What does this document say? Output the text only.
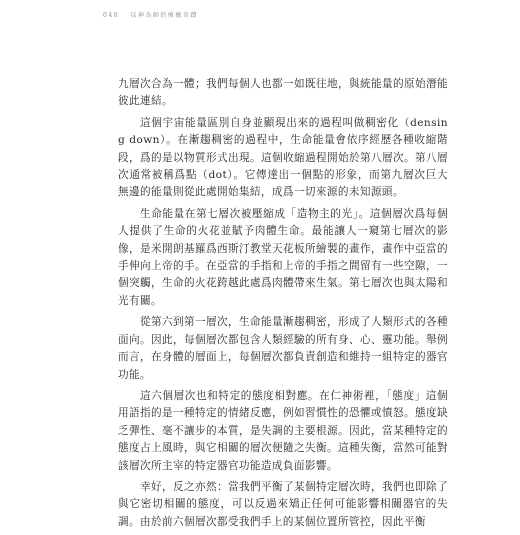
040 以神為師的療癒奇蹟

九層次合為一體；我們每個人也都一如既往地，與統能量的原始潛能彼此連結。

這個宇宙能量區別自身並顯現出來的過程叫做稠密化（densing down）。在漸趨稠密的過程中，生命能量會依序經歷各種收縮階段，爲的是以物質形式出現。這個收縮過程開始於第八層次。第八層次通常被稱爲點（dot）。它傳達出一個點的形象，而第九層次巨大無邊的能量則從此處開始集結，成爲一切來源的未知源頭。

生命能量在第七層次被壓縮成「造物主的光」。這個層次爲每個人提供了生命的火花並賦予肉體生命。最能讓人一窺第七層次的影像，是米開朗基羅爲西斯汀教堂天花板所繪製的畫作，畫作中亞當的手伸向上帝的手。在亞當的手指和上帝的手指之間留有一些空隙，一個突觸，生命的火花跨越此處爲肉體帶來生氣。第七層次也與太陽和光有關。

從第六到第一層次，生命能量漸趨稠密，形成了人類形式的各種面向。因此，每個層次都包含人類經驗的所有身、心、靈功能。舉例而言，在身體的層面上，每個層次都負責創造和維持一組特定的器官功能。

這六個層次也和特定的態度相對應。在仁神術裡，「態度」這個用語指的是一種特定的情緒反應，例如習慣性的恐懼或憤怒。態度缺乏彈性、毫不讓步的本質，是失調的主要根源。因此，當某種特定的態度占上風時，與它相關的層次便隨之失衡。這種失衡，當然可能對該層次所主宰的特定器官功能造成負面影響。

幸好，反之亦然：當我們平衡了某個特定層次時，我們也即除了與它密切相關的態度，可以反過來矯正任何可能影響相關器官的失調。由於前六個層次都受我們手上的某個位置所管控，因此平衡
